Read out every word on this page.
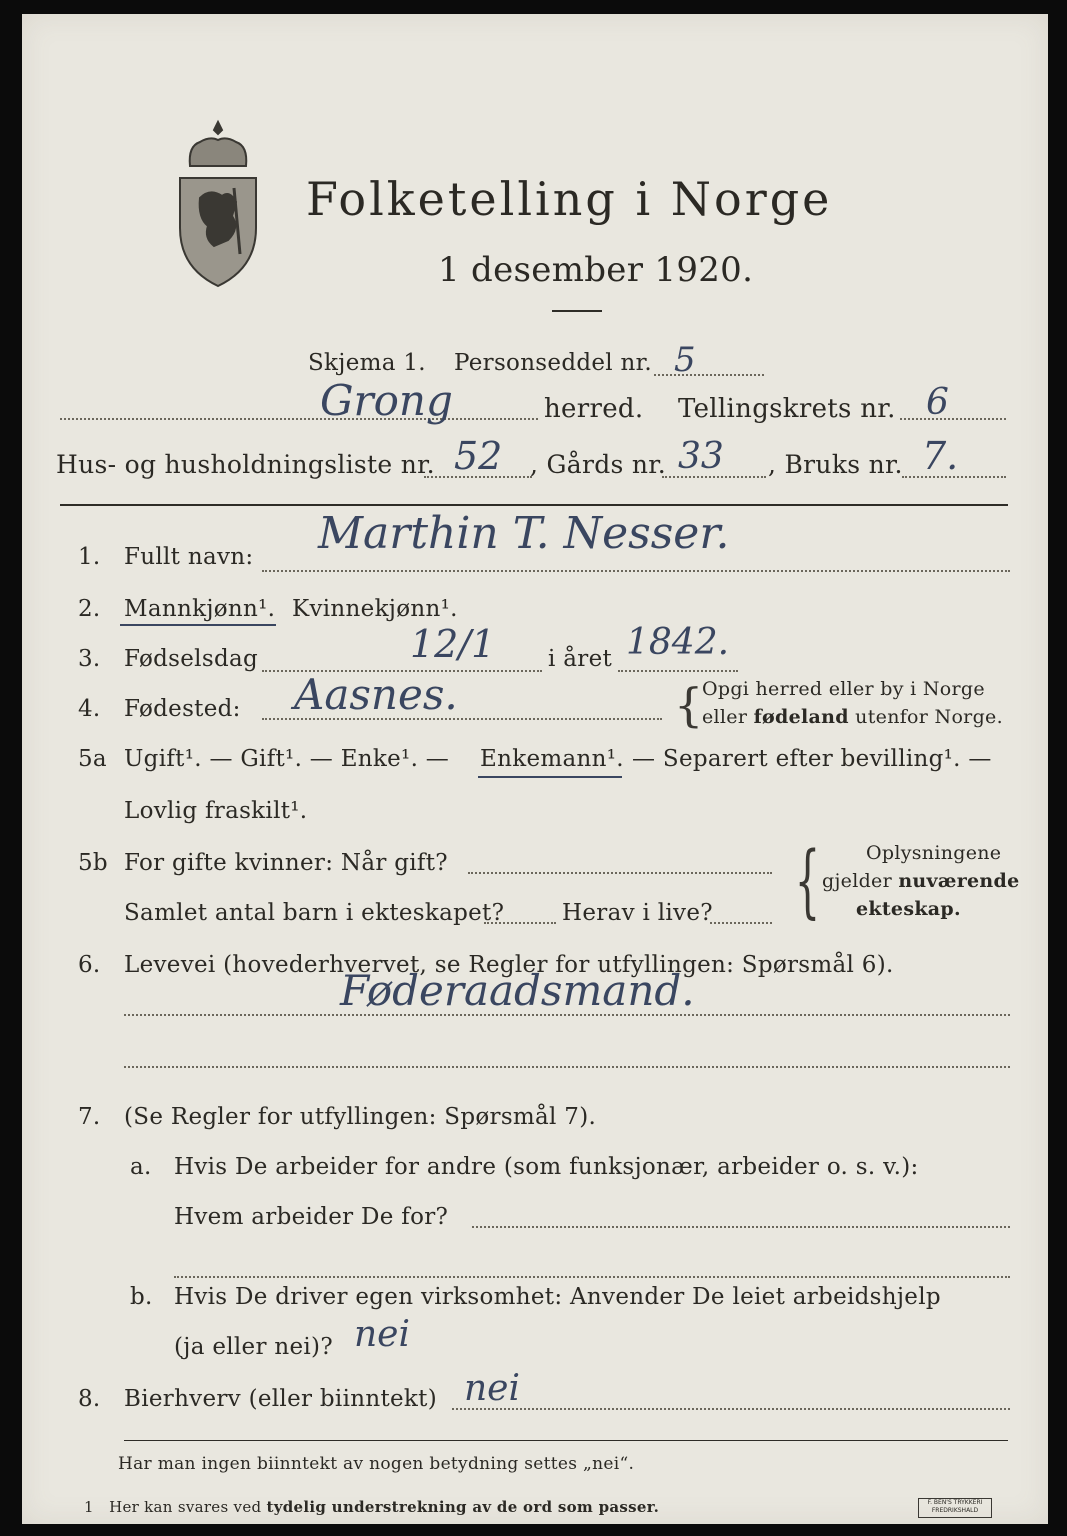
Folketelling i Norge
1 desember 1920.
Skjema 1. Personseddel nr. 5
Grong	herred. Tellingskrets nr. 6
Hus- og husholdningsliste nr. 52 , Gårds nr. 33 , Bruks nr. 7.
1. Fullt navn: Marthin T. Nesser.
2. Mannkjønn¹. Kvinnekjønn¹.
3. Fødselsdag	12/1 i året 1842.
4. Fødested: Aasnes.	{
Opgi herred eller by i Norge
eller fødeland utenfor Norge.
5a Ugift¹. — Gift¹. — Enke¹. — Enkemann¹. — Separert efter bevilling¹. —
Lovlig fraskilt¹.
5b For gifte kvinner: Når gift?
Samlet antal barn i ekteskapet?	Herav i live? { Oplysningene
gjelder nuværende
ekteskap.
6. Levevei (hovederhvervet, se Regler for utfyllingen: Spørsmål 6).
Føderaadsmand.
7. (Se Regler for utfyllingen: Spørsmål 7).
a. Hvis De arbeider for andre (som funksjonær, arbeider o. s. v.):
Hvem arbeider De for?
b. Hvis De driver egen virksomhet: Anvender De leiet arbeidshjelp
(ja eller nei)? nei
8. Bierhverv (eller biinntekt) nei
Har man ingen biinntekt av nogen betydning settes „nei“.
1 Her kan svares ved tydelig understrekning av de ord som passer.	F. BEN'S TRYKKERI FREDRIKSHALD
